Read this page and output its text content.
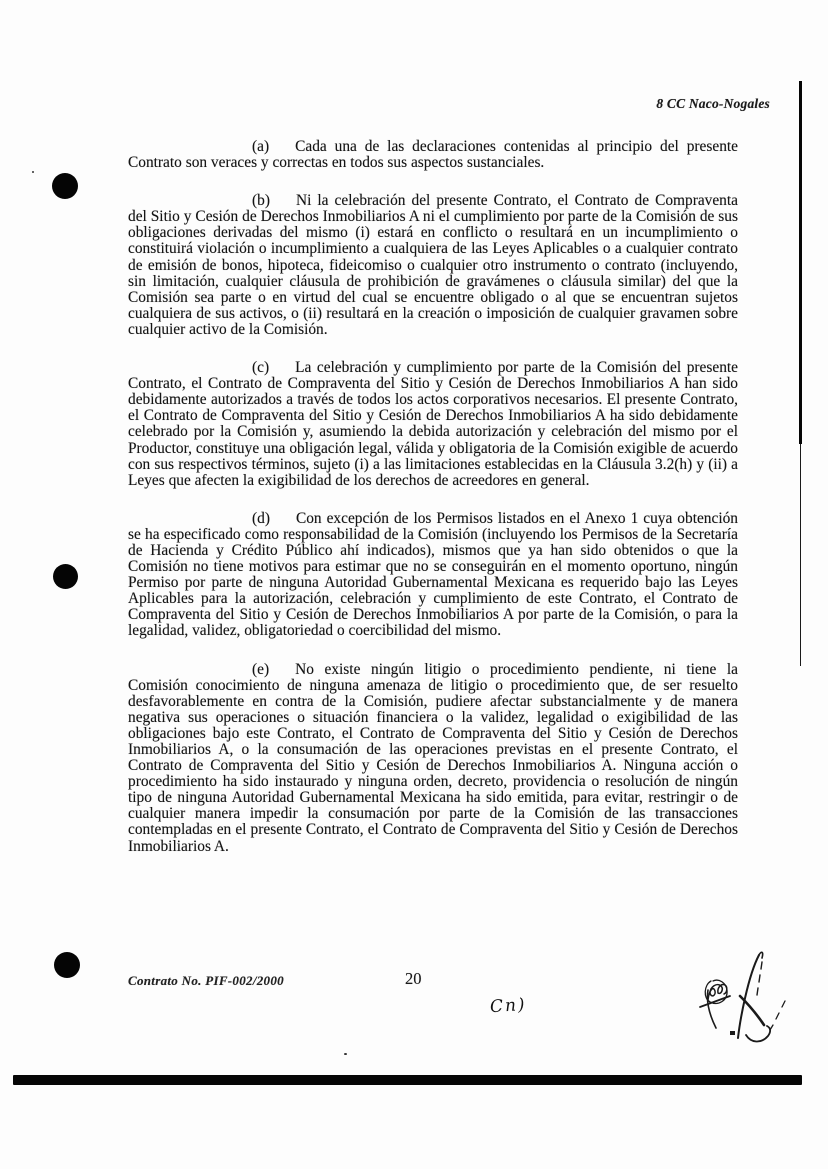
8 CC Naco-Nogales

(a) Cada una de las declaraciones contenidas al principio del presente Contrato son veraces y correctas en todos sus aspectos sustanciales.

(b) Ni la celebración del presente Contrato, el Contrato de Compraventa del Sitio y Cesión de Derechos Inmobiliarios A ni el cumplimiento por parte de la Comisión de sus obligaciones derivadas del mismo (i) estará en conflicto o resultará en un incumplimiento o constituirá violación o incumplimiento a cualquiera de las Leyes Aplicables o a cualquier contrato de emisión de bonos, hipoteca, fideicomiso o cualquier otro instrumento o contrato (incluyendo, sin limitación, cualquier cláusula de prohibición de gravámenes o cláusula similar) del que la Comisión sea parte o en virtud del cual se encuentre obligado o al que se encuentran sujetos cualquiera de sus activos, o (ii) resultará en la creación o imposición de cualquier gravamen sobre cualquier activo de la Comisión.

(c) La celebración y cumplimiento por parte de la Comisión del presente Contrato, el Contrato de Compraventa del Sitio y Cesión de Derechos Inmobiliarios A han sido debidamente autorizados a través de todos los actos corporativos necesarios. El presente Contrato, el Contrato de Compraventa del Sitio y Cesión de Derechos Inmobiliarios A ha sido debidamente celebrado por la Comisión y, asumiendo la debida autorización y celebración del mismo por el Productor, constituye una obligación legal, válida y obligatoria de la Comisión exigible de acuerdo con sus respectivos términos, sujeto (i) a las limitaciones establecidas en la Cláusula 3.2(h) y (ii) a Leyes que afecten la exigibilidad de los derechos de acreedores en general.

(d) Con excepción de los Permisos listados en el Anexo 1 cuya obtención se ha especificado como responsabilidad de la Comisión (incluyendo los Permisos de la Secretaría de Hacienda y Crédito Público ahí indicados), mismos que ya han sido obtenidos o que la Comisión no tiene motivos para estimar que no se conseguirán en el momento oportuno, ningún Permiso por parte de ninguna Autoridad Gubernamental Mexicana es requerido bajo las Leyes Aplicables para la autorización, celebración y cumplimiento de este Contrato, el Contrato de Compraventa del Sitio y Cesión de Derechos Inmobiliarios A por parte de la Comisión, o para la legalidad, validez, obligatoriedad o coercibilidad del mismo.

(e) No existe ningún litigio o procedimiento pendiente, ni tiene la Comisión conocimiento de ninguna amenaza de litigio o procedimiento que, de ser resuelto desfavorablemente en contra de la Comisión, pudiere afectar substancialmente y de manera negativa sus operaciones o situación financiera o la validez, legalidad o exigibilidad de las obligaciones bajo este Contrato, el Contrato de Compraventa del Sitio y Cesión de Derechos Inmobiliarios A, o la consumación de las operaciones previstas en el presente Contrato, el Contrato de Compraventa del Sitio y Cesión de Derechos Inmobiliarios A. Ninguna acción o procedimiento ha sido instaurado y ninguna orden, decreto, providencia o resolución de ningún tipo de ninguna Autoridad Gubernamental Mexicana ha sido emitida, para evitar, restringir o de cualquier manera impedir la consumación por parte de la Comisión de las transacciones contempladas en el presente Contrato, el Contrato de Compraventa del Sitio y Cesión de Derechos Inmobiliarios A.

Contrato No. PIF-002/2000	20
Cn)
